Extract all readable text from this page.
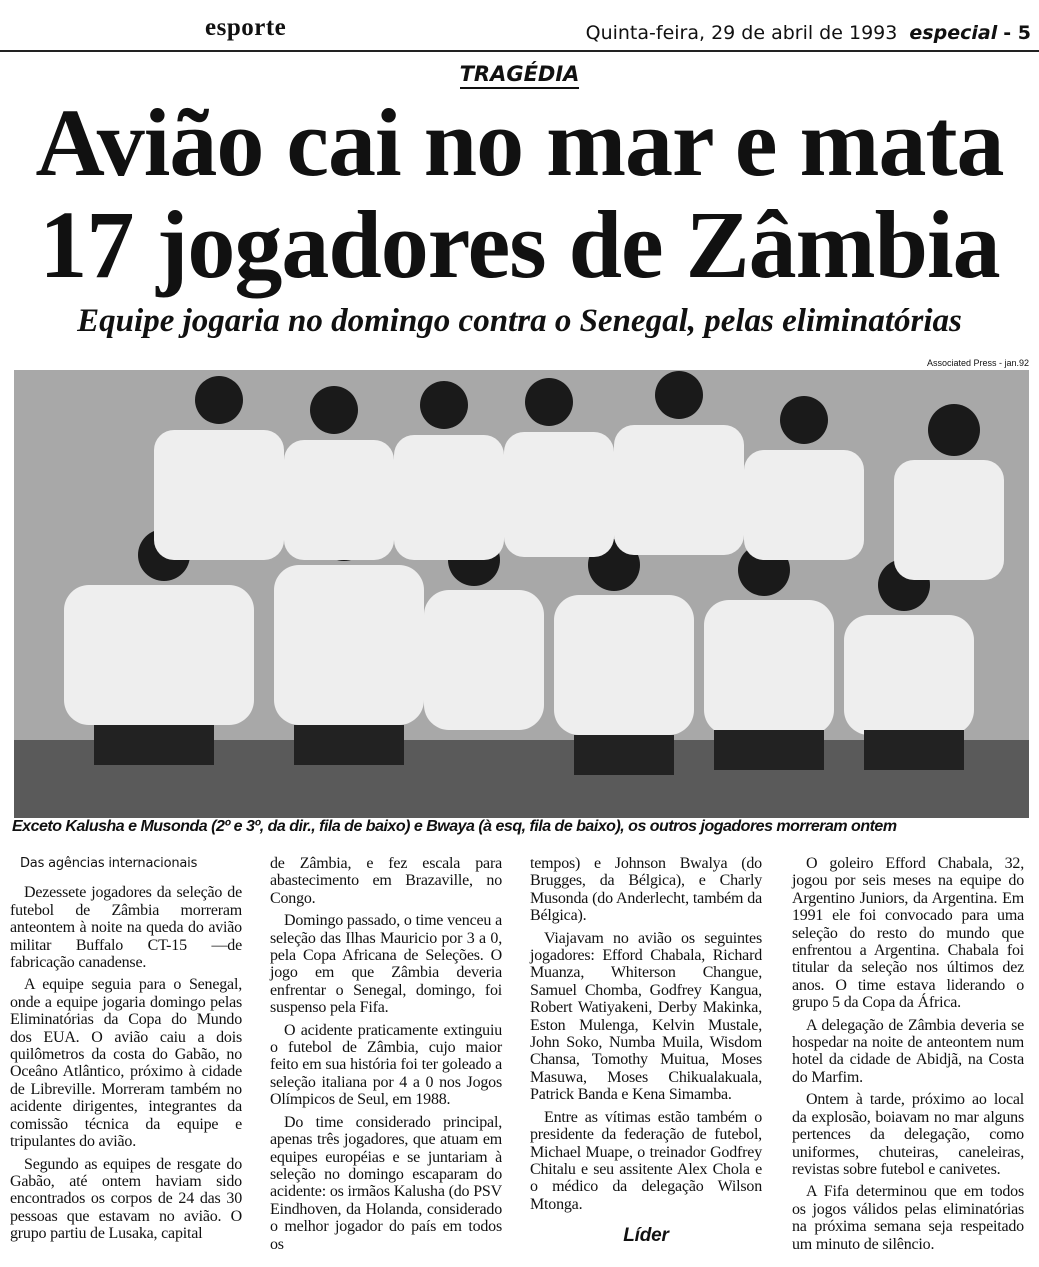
esporte	Quinta-feira, 29 de abril de 1993 especial - 5
TRAGÉDIA
Avião cai no mar e mata
17 jogadores de Zâmbia
Equipe jogaria no domingo contra o Senegal, pelas eliminatórias
Associated Press - jan.92
Exceto Kalusha e Musonda (2º e 3º, da dir., fila de baixo) e Bwaya (à esq, fila de baixo), os outros jogadores morreram ontem
Das agências internacionais

Dezessete jogadores da seleção de futebol de Zâmbia morreram anteontem à noite na queda do avião militar Buffalo CT-15 —de fabricação canadense.

A equipe seguia para o Senegal, onde a equipe jogaria domingo pelas Eliminatórias da Copa do Mundo dos EUA. O avião caiu a dois quilômetros da costa do Gabão, no Oceâno Atlântico, próximo à cidade de Libreville. Morreram também no acidente dirigentes, integrantes da comissão técnica da equipe e tripulantes do avião.

Segundo as equipes de resgate do Gabão, até ontem haviam sido encontrados os corpos de 24 das 30 pessoas que estavam no avião. O grupo partiu de Lusaka, capital

de Zâmbia, e fez escala para abastecimento em Brazaville, no Congo.

Domingo passado, o time venceu a seleção das Ilhas Mauricio por 3 a 0, pela Copa Africana de Seleções. O jogo em que Zâmbia deveria enfrentar o Senegal, domingo, foi suspenso pela Fifa.

O acidente praticamente extinguiu o futebol de Zâmbia, cujo maior feito em sua história foi ter goleado a seleção italiana por 4 a 0 nos Jogos Olímpicos de Seul, em 1988.

Do time considerado principal, apenas três jogadores, que atuam em equipes européias e se juntariam à seleção no domingo escaparam do acidente: os irmãos Kalusha (do PSV Eindhoven, da Holanda, considerado o melhor jogador do país em todos os

tempos) e Johnson Bwalya (do Brugges, da Bélgica), e Charly Musonda (do Anderlecht, também da Bélgica).

Viajavam no avião os seguintes jogadores: Efford Chabala, Richard Muanza, Whiterson Changue, Samuel Chomba, Godfrey Kangua, Robert Watiyakeni, Derby Makinka, Eston Mulenga, Kelvin Mustale, John Soko, Numba Muila, Wisdom Chansa, Tomothy Muitua, Moses Masuwa, Moses Chikualakuala, Patrick Banda e Kena Simamba.

Entre as vítimas estão também o presidente da federação de futebol, Michael Muape, o treinador Godfrey Chitalu e seu assitente Alex Chola e o médico da delegação Wilson Mtonga.

Líder

O goleiro Efford Chabala, 32, jogou por seis meses na equipe do Argentino Juniors, da Argentina. Em 1991 ele foi convocado para uma seleção do resto do mundo que enfrentou a Argentina. Chabala foi titular da seleção nos últimos dez anos. O time estava liderando o grupo 5 da Copa da África.

A delegação de Zâmbia deveria se hospedar na noite de anteontem num hotel da cidade de Abidjã, na Costa do Marfim.

Ontem à tarde, próximo ao local da explosão, boiavam no mar alguns pertences da delegação, como uniformes, chuteiras, caneleiras, revistas sobre futebol e canivetes.

A Fifa determinou que em todos os jogos válidos pelas eliminatórias na próxima semana seja respeitado um minuto de silêncio.
